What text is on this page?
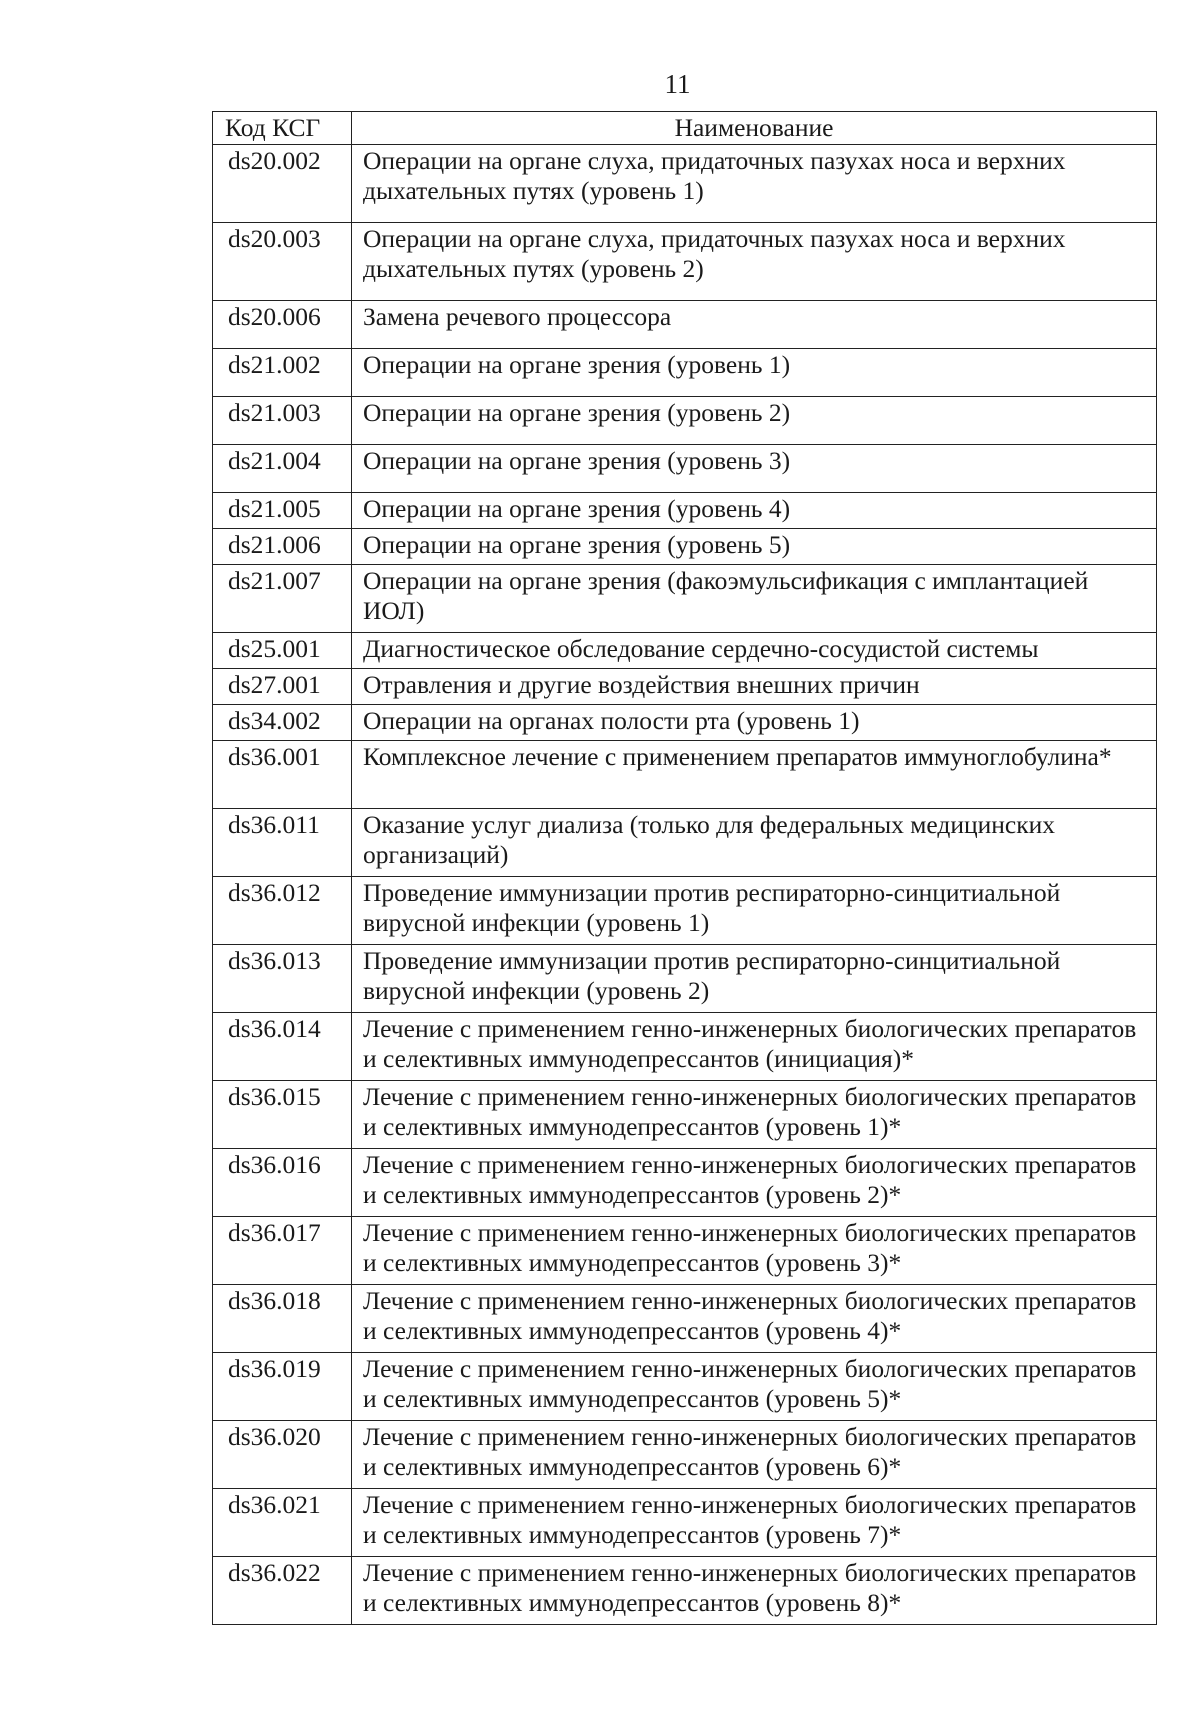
11
Код КСГ	Наименование
ds20.002	Операции на органе слуха, придаточных пазухах носа и верхних дыхательных путях (уровень 1)
ds20.003	Операции на органе слуха, придаточных пазухах носа и верхних дыхательных путях (уровень 2)
ds20.006	Замена речевого процессора
ds21.002	Операции на органе зрения (уровень 1)
ds21.003	Операции на органе зрения (уровень 2)
ds21.004	Операции на органе зрения (уровень 3)
ds21.005	Операции на органе зрения (уровень 4)
ds21.006	Операции на органе зрения (уровень 5)
ds21.007	Операции на органе зрения (факоэмульсификация с имплантацией ИОЛ)
ds25.001	Диагностическое обследование сердечно-сосудистой системы
ds27.001	Отравления и другие воздействия внешних причин
ds34.002	Операции на органах полости рта (уровень 1)
ds36.001	Комплексное лечение с применением препаратов иммуноглобулина*
ds36.011	Оказание услуг диализа (только для федеральных медицинских организаций)
ds36.012	Проведение иммунизации против респираторно-синцитиальной вирусной инфекции (уровень 1)
ds36.013	Проведение иммунизации против респираторно-синцитиальной вирусной инфекции (уровень 2)
ds36.014	Лечение с применением генно-инженерных биологических препаратов и селективных иммунодепрессантов (инициация)*
ds36.015	Лечение с применением генно-инженерных биологических препаратов и селективных иммунодепрессантов (уровень 1)*
ds36.016	Лечение с применением генно-инженерных биологических препаратов и селективных иммунодепрессантов (уровень 2)*
ds36.017	Лечение с применением генно-инженерных биологических препаратов и селективных иммунодепрессантов (уровень 3)*
ds36.018	Лечение с применением генно-инженерных биологических препаратов и селективных иммунодепрессантов (уровень 4)*
ds36.019	Лечение с применением генно-инженерных биологических препаратов и селективных иммунодепрессантов (уровень 5)*
ds36.020	Лечение с применением генно-инженерных биологических препаратов и селективных иммунодепрессантов (уровень 6)*
ds36.021	Лечение с применением генно-инженерных биологических препаратов и селективных иммунодепрессантов (уровень 7)*
ds36.022	Лечение с применением генно-инженерных биологических препаратов и селективных иммунодепрессантов (уровень 8)*
